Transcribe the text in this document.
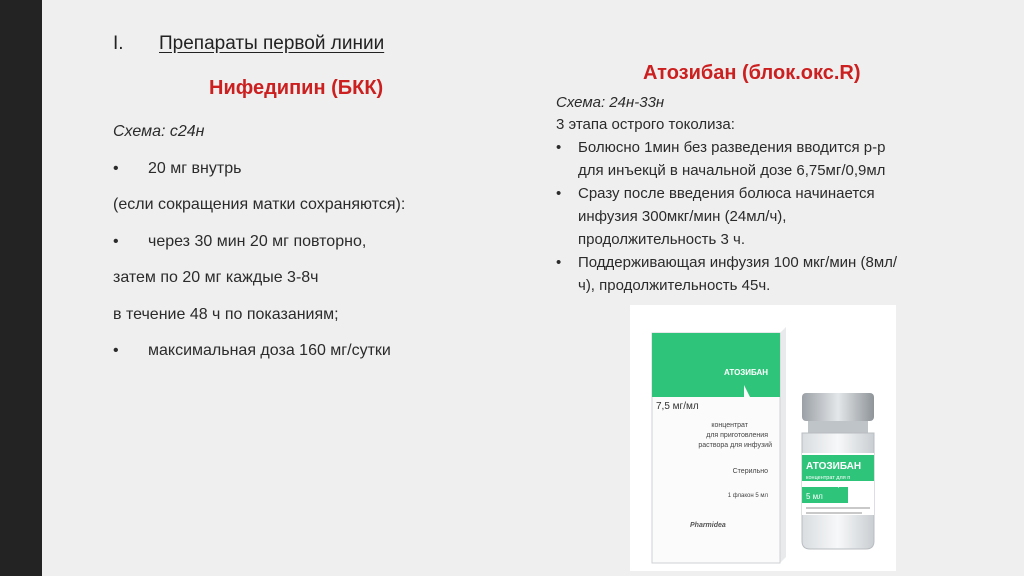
I. Препараты первой линии
Нифедипин (БКК)
Атозибан (блок.окс.R)
Схема: с24н
• 20 мг внутрь
(если сокращения матки сохраняются):
• через 30 мин 20 мг повторно,
затем по 20 мг каждые 3-8ч
в течение 48 ч по показаниям;
• максимальная доза 160 мг/сутки
Схема: 24н-33н
3 этапа острого токолиза:
• Болюсно 1мин без разведения вводится р-р
для инъекцй в начальной дозе 6,75мг/0,9мл
• Сразу после введения болюса начинается
инфузия 300мкг/мин (24мл/ч),
продолжительность 3 ч.
• Поддерживающая инфузия 100 мкг/мин (8мл/
ч), продолжительность 45ч.
АТОЗИБАН
7,5 мг/мл
концентрат
для приготовления
раствора для инфузий
Стерильно
1 флакон 5 мл
Pharmidea
АТОЗИБАН
концентрат для п
раствор
5 мл
